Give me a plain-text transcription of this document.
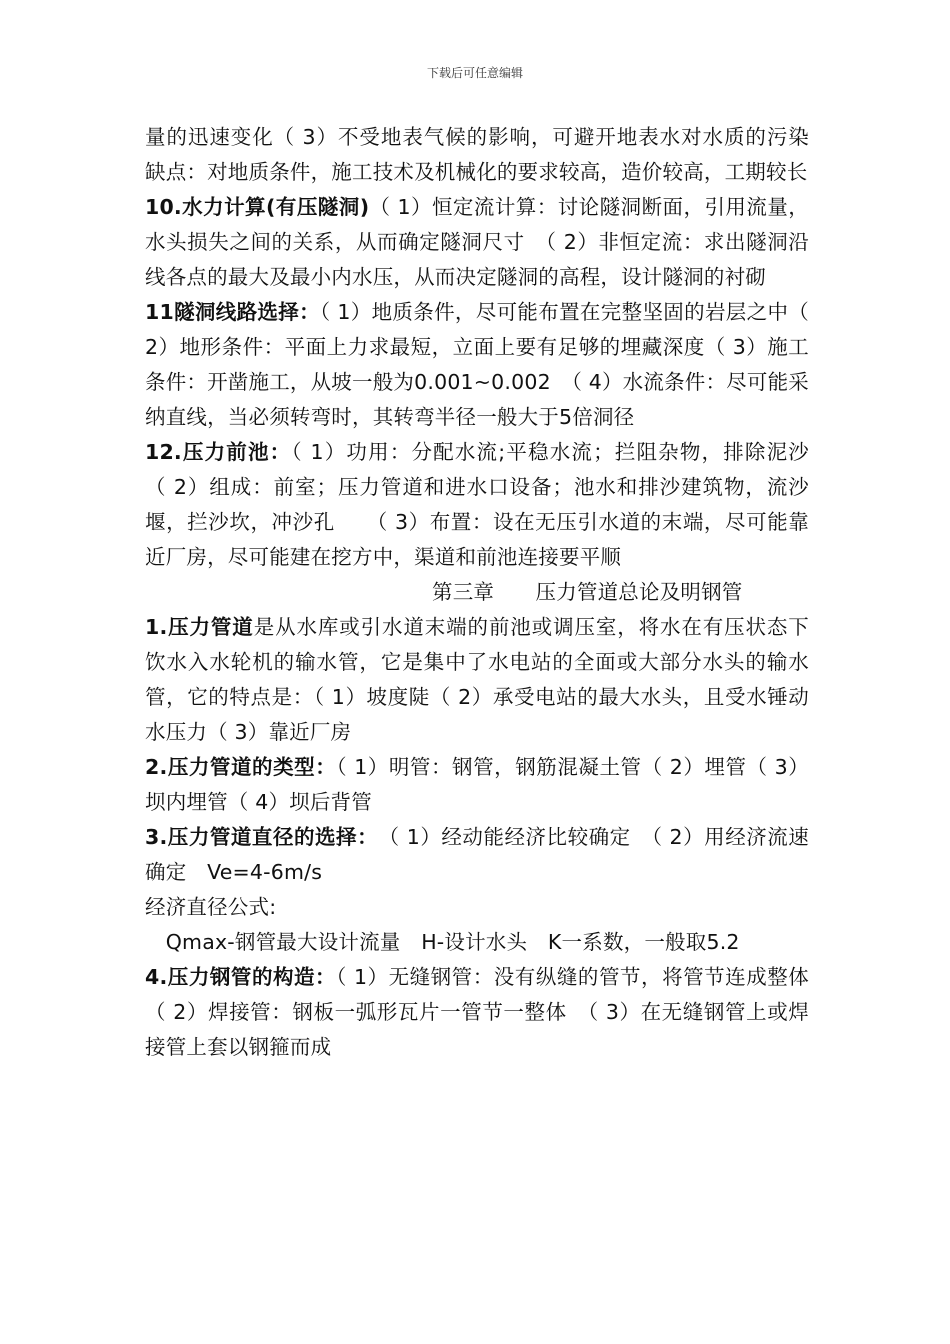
下载后可任意编辑

量的迅速变化（ 3）不受地表气候的影响，可避开地表水对水质的污染　　　缺点：对地质条件，施工技术及机械化的要求较高，造价较高，工期较长

10.水力计算(有压隧洞)（ 1）恒定流计算：讨论隧洞断面，引用流量，水头损失之间的关系，从而确定隧洞尺寸　（ 2）非恒定流：求出隧洞沿线各点的最大及最小内水压，从而决定隧洞的高程，设计隧洞的衬砌

11隧洞线路选择：（ 1）地质条件，尽可能布置在完整坚固的岩层之中（ 2）地形条件：平面上力求最短，立面上要有足够的埋藏深度（ 3）施工条件：开凿施工，从坡一般为0.001~0.002　（ 4）水流条件：尽可能采纳直线，当必须转弯时，其转弯半径一般大于5倍洞径

12.压力前池：（ 1）功用：分配水流;平稳水流；拦阻杂物，排除泥沙　 （ 2）组成：前室；压力管道和进水口设备；池水和排沙建筑物，流沙堰，拦沙坎，冲沙孔　　（ 3）布置：设在无压引水道的末端，尽可能靠近厂房，尽可能建在挖方中，渠道和前池连接要平顺

第三章　　压力管道总论及明钢管

1.压力管道是从水库或引水道末端的前池或调压室，将水在有压状态下饮水入水轮机的输水管，它是集中了水电站的全面或大部分水头的输水管，它的特点是：（ 1）坡度陡（ 2）承受电站的最大水头，且受水锤动水压力（ 3）靠近厂房

2.压力管道的类型：（ 1）明管：钢管，钢筋混凝土管（ 2）埋管（ 3）坝内埋管（ 4）坝后背管

3.压力管道直径的选择：　（ 1）经动能经济比较确定　（ 2）用经济流速确定　Ve=4-6m/s

经济直径公式:

　Qmax-钢管最大设计流量　H-设计水头　K一系数，一般取5.2

4.压力钢管的构造：（ 1）无缝钢管：没有纵缝的管节，将管节连成整体（ 2）焊接管：钢板一弧形瓦片一管节一整体　（ 3）在无缝钢管上或焊接管上套以钢箍而成
